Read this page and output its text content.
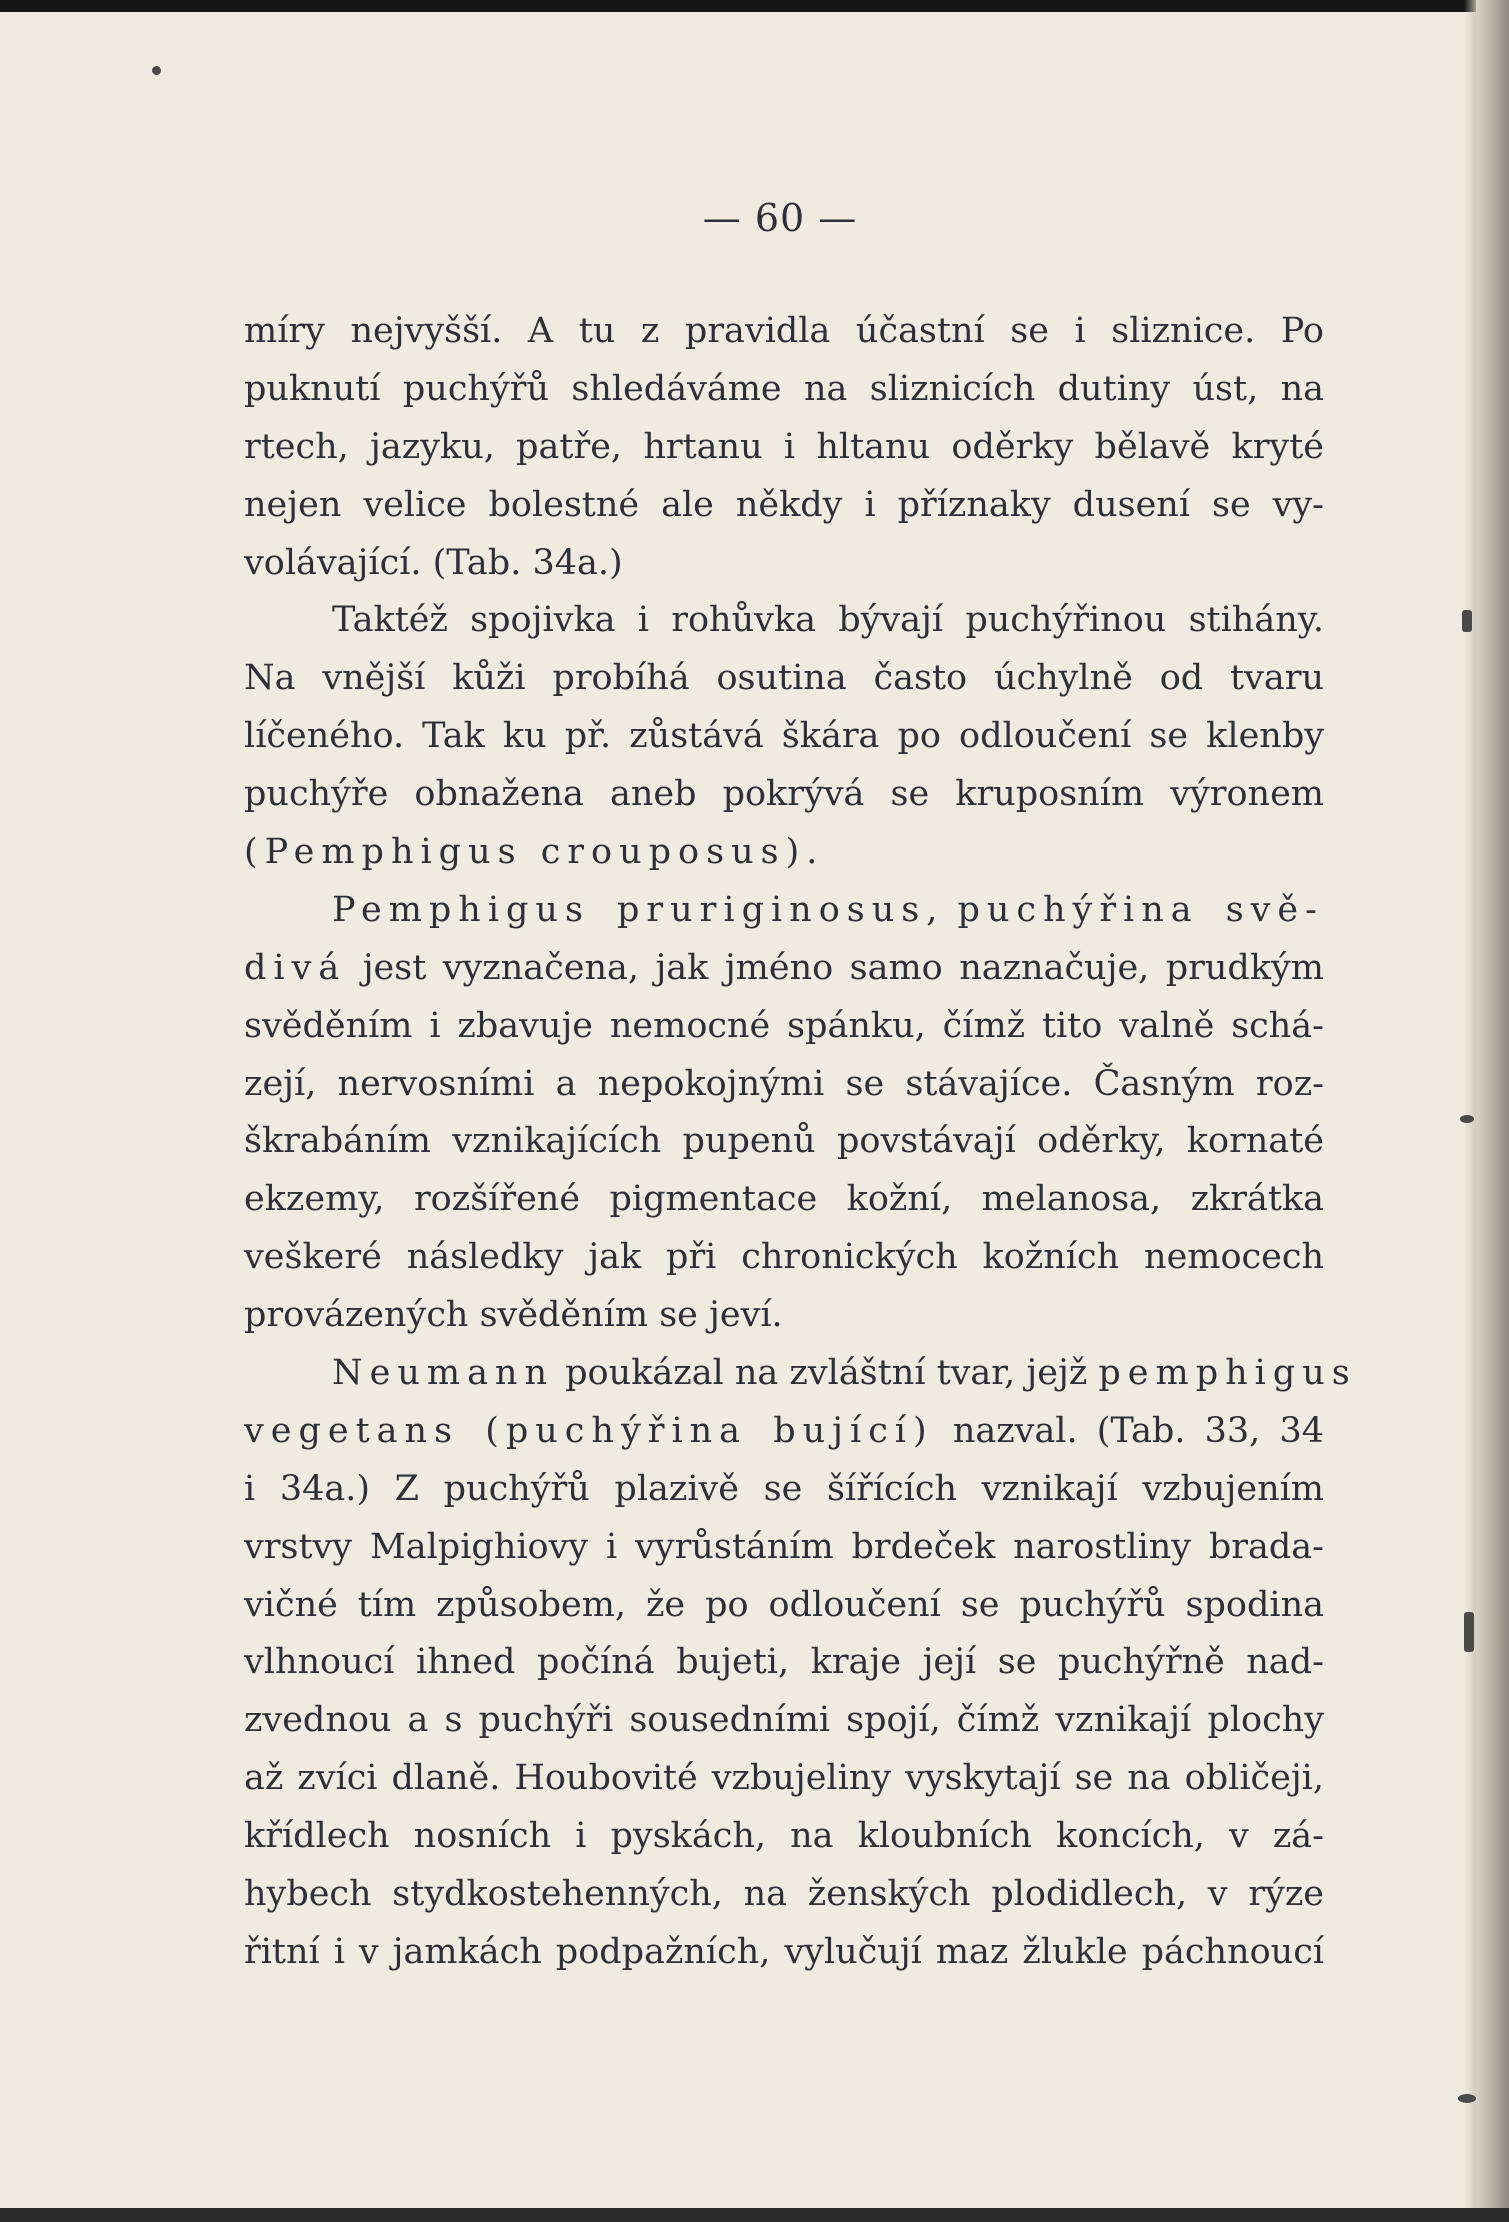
— 60 —
míry nejvyšší. A tu z pravidla účastní se i sliznice. Po
puknutí puchýřů shledáváme na sliznicích dutiny úst, na
rtech, jazyku, patře, hrtanu i hltanu oděrky bělavě kryté
nejen velice bolestné ale někdy i příznaky dusení se vy-
volávající. (Tab. 34a.)
Taktéž spojivka i rohůvka bývají puchýřinou stihány.
Na vnější kůži probíhá osutina často úchylně od tvaru
líčeného. Tak ku př. zůstává škára po odloučení se klenby
puchýře obnažena aneb pokrývá se kruposním výronem
(Pemphigus crouposus).
Pemphigus pruriginosus, puchýřina svě-
divá jest vyznačena, jak jméno samo naznačuje, prudkým
svěděním i zbavuje nemocné spánku, čímž tito valně schá-
zejí, nervosními a nepokojnými se stávajíce. Časným roz-
škrabáním vznikajících pupenů povstávají oděrky, kornaté
ekzemy, rozšířené pigmentace kožní, melanosa, zkrátka
veškeré následky jak při chronických kožních nemocech
provázených svěděním se jeví.
Neumann poukázal na zvláštní tvar, jejž pemphigus
vegetans (puchýřina bující) nazval. (Tab. 33, 34
i 34a.) Z puchýřů plazivě se šířících vznikají vzbujením
vrstvy Malpighiovy i vyrůstáním brdeček narostliny brada-
vičné tím způsobem, že po odloučení se puchýřů spodina
vlhnoucí ihned počíná bujeti, kraje její se puchýřně nad-
zvednou a s puchýři sousedními spojí, čímž vznikají plochy
až zvíci dlaně. Houbovité vzbujeliny vyskytají se na obličeji,
křídlech nosních i pyskách, na kloubních koncích, v zá-
hybech stydkostehenných, na ženských plodidlech, v rýze
řitní i v jamkách podpažních, vylučují maz žlukle páchnoucí
